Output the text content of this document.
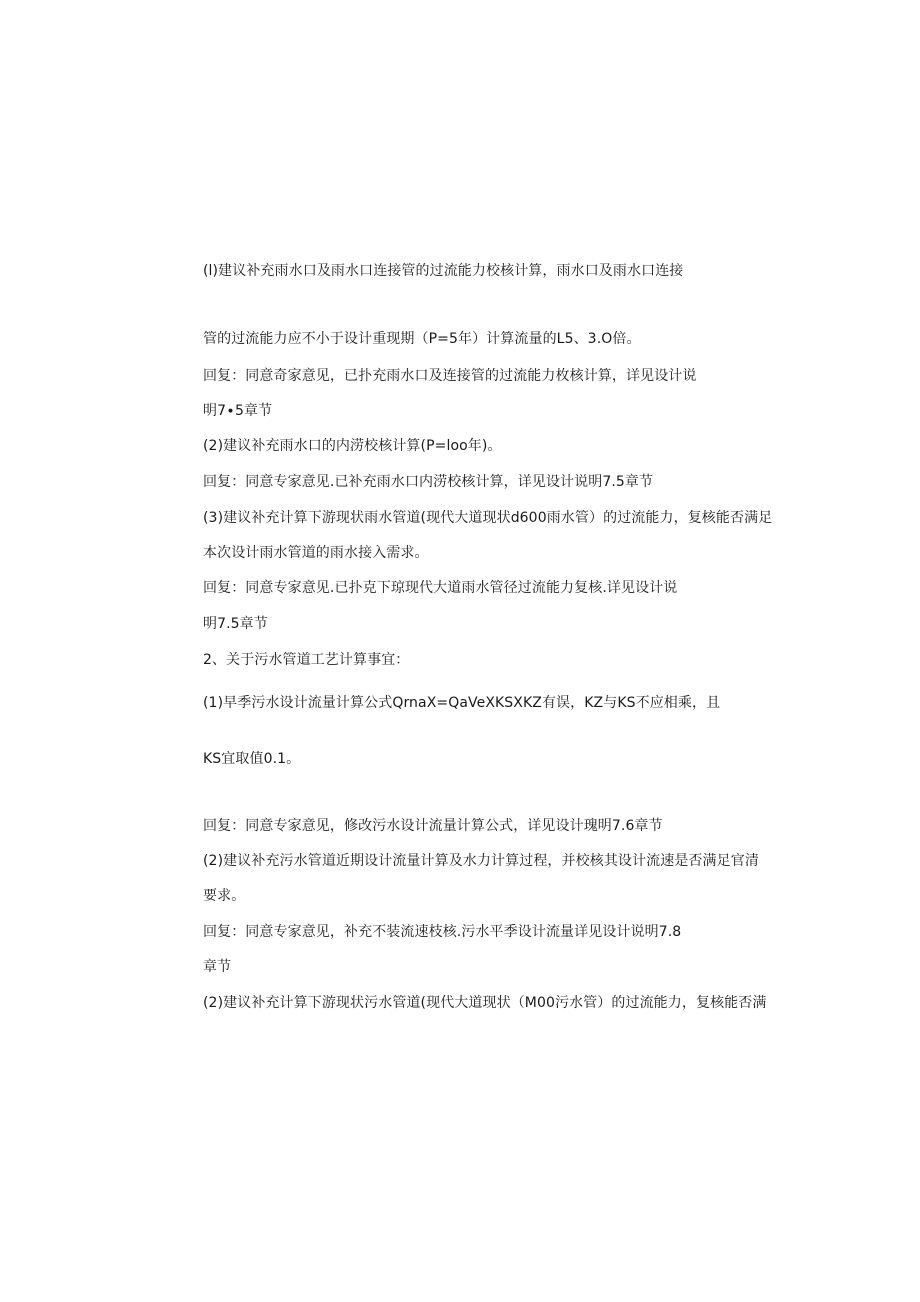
(l)建议补充雨水口及雨水口连接管的过流能力校核计算，雨水口及雨水口连接
管的过流能力应不小于设计重现期（P=5年）计算流量的L5、3.O倍。
回复：同意奇家意见，已扑充雨水口及连接管的过流能力枚核计算，详见设计说
明7∙5章节
(2)建议补充雨水口的内涝校核计算(P=loo年)。
回复：同意专家意见.已补充雨水口内涝校核计算，详见设计说明7.5章节
(3)建议补充计算下游现状雨水管道(现代大道现状d600雨水管）的过流能力，复核能否满足
本次设计雨水管道的雨水接入需求。
回复：同意专家意见.已扑克下琼现代大道雨水管径过流能力复核.详见设计说
明7.5章节
2、关于污水管道工艺计算事宜：
(1)早季污水设计流量计算公式QrnaX=QaVeXKSXKZ有误，KZ与KS不应相乘，且
KS宜取值0.1。
回复：同意专家意见，修改污水设计流量计算公式，详见设计瑰明7.6章节
(2)建议补充污水管道近期设计流量计算及水力计算过程，并校核其设计流速是否满足官清
要求。
回复：同意专家意见，补充不装流速枝核.污水平季设计流量详见设计说明7.8
章节
(2)建议补充计算下游现状污水管道(现代大道现状（M00污水管）的过流能力，复核能否满
